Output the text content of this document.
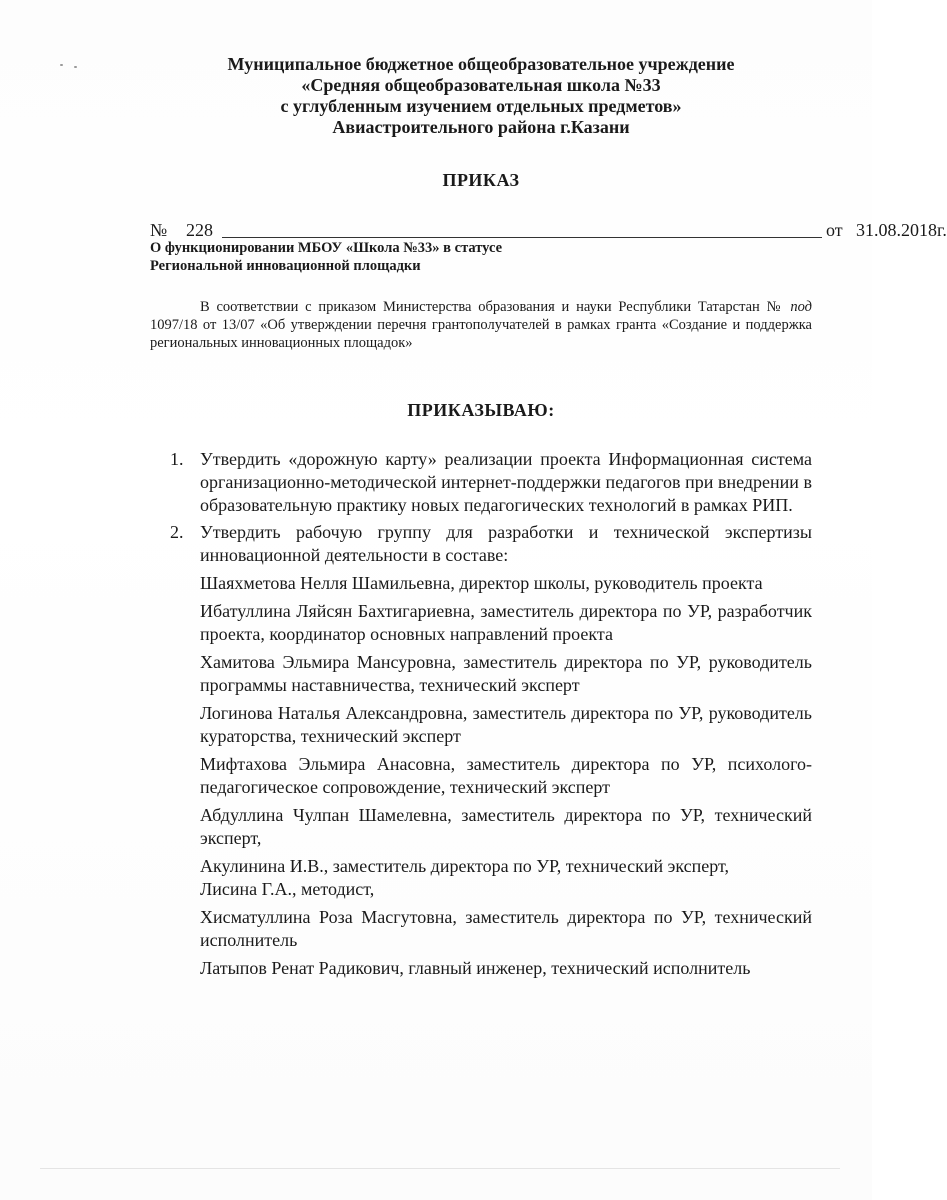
Муниципальное бюджетное общеобразовательное учреждение
«Средняя общеобразовательная школа №33
с углубленным изучением отдельных предметов»
Авиастроительного района г.Казани
ПРИКАЗ
№ 228	от 31.08.2018г.
О функционировании МБОУ «Школа №33» в статусе
Региональной инновационной площадки
В соответствии с приказом Министерства образования и науки Республики Татарстан № под 1097/18 от 13/07 «Об утверждении перечня грантополучателей в рамках гранта «Создание и поддержка региональных инновационных площадок»
ПРИКАЗЫВАЮ:
1. Утвердить «дорожную карту» реализации проекта Информационная система организационно-методической интернет-поддержки педагогов при внедрении в образовательную практику новых педагогических технологий в рамках РИП.
2. Утвердить рабочую группу для разработки и технической экспертизы инновационной деятельности в составе:
Шаяхметова Нелля Шамильевна, директор школы, руководитель проекта
Ибатуллина Ляйсян Бахтигариевна, заместитель директора по УР, разработчик проекта, координатор основных направлений проекта
Хамитова Эльмира Мансуровна, заместитель директора по УР, руководитель программы наставничества, технический эксперт
Логинова Наталья Александровна, заместитель директора по УР, руководитель кураторства, технический эксперт
Мифтахова Эльмира Анасовна, заместитель директора по УР, психолого-педагогическое сопровождение, технический эксперт
Абдуллина Чулпан Шамелевна, заместитель директора по УР, технический эксперт,
Акулинина И.В., заместитель директора по УР, технический эксперт,
Лисина Г.А., методист,
Хисматуллина Роза Масгутовна, заместитель директора по УР, технический исполнитель
Латыпов Ренат Радикович, главный инженер, технический исполнитель
